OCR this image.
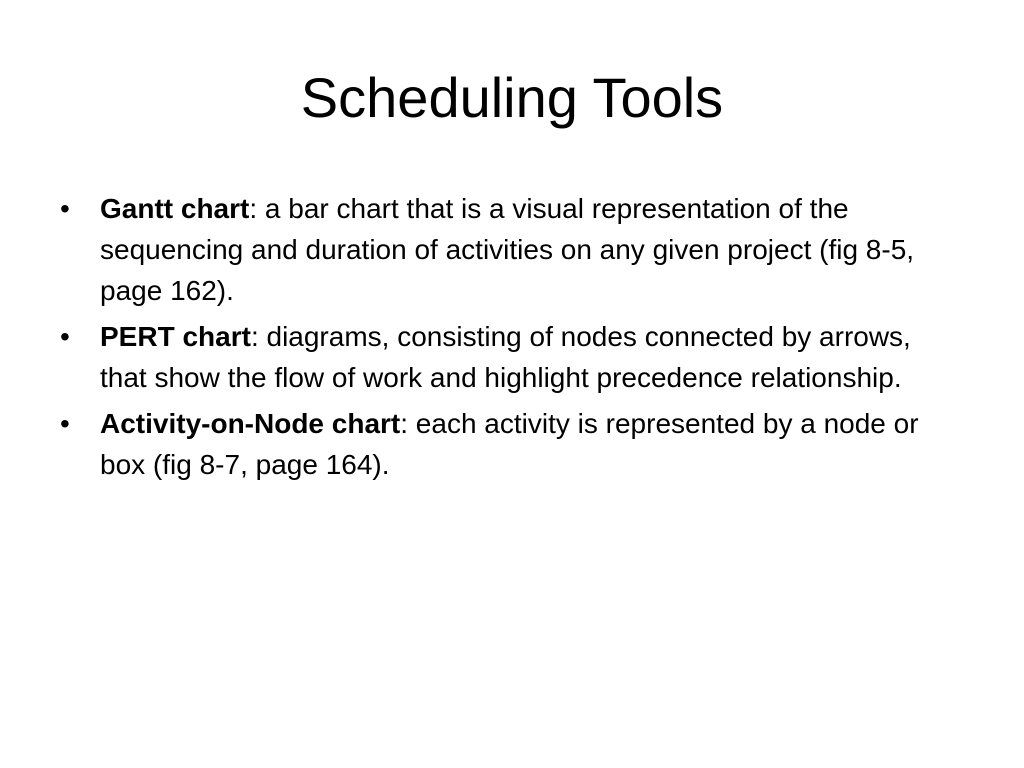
Scheduling Tools
•	Gantt chart: a bar chart that is a visual representation of the sequencing and duration of activities on any given project (fig 8-5, page 162).
•	PERT chart: diagrams, consisting of nodes connected by arrows, that show the flow of work and highlight precedence relationship.
•	Activity-on-Node chart: each activity is represented by a node or box (fig 8-7, page 164).
